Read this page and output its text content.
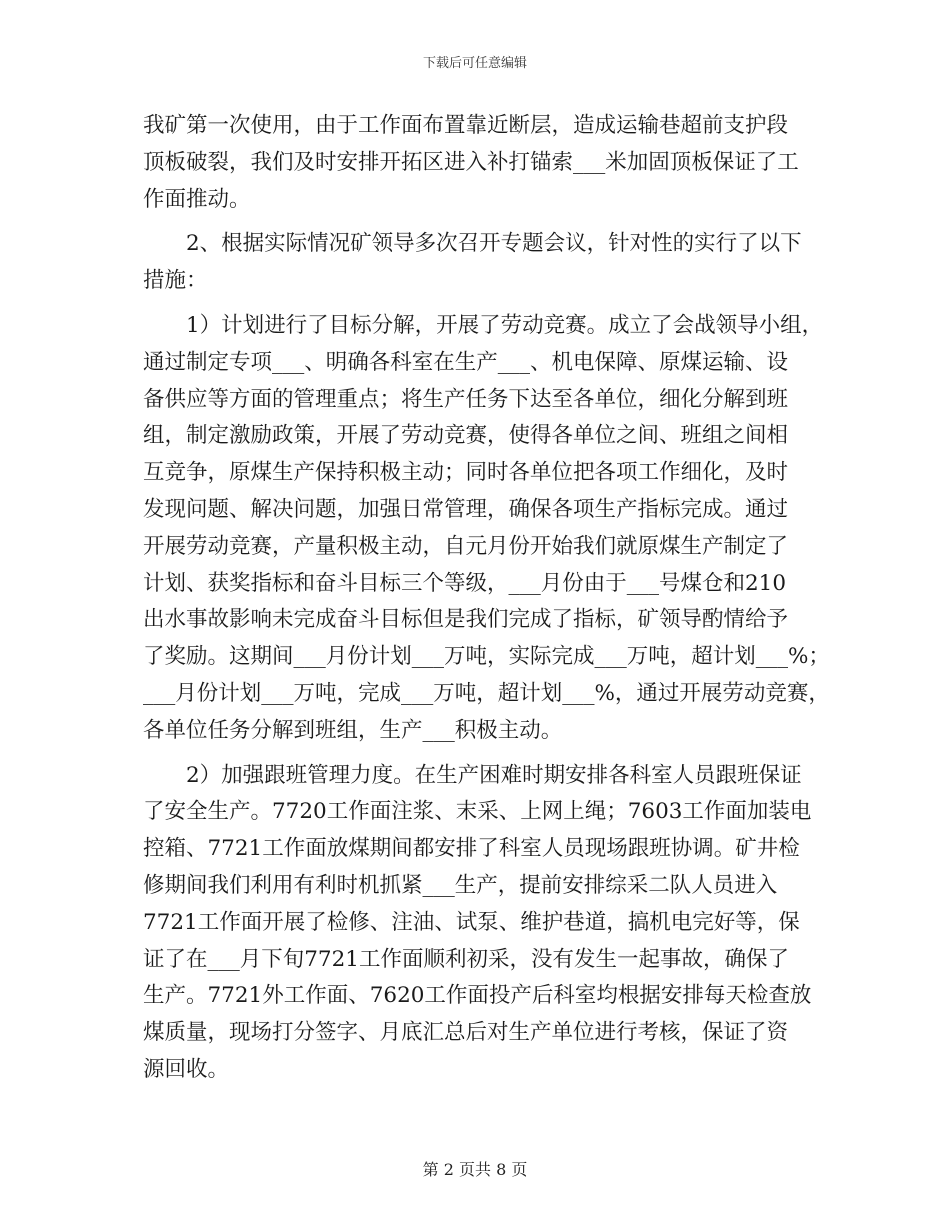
下载后可任意编辑
我矿第一次使用，由于工作面布置靠近断层，造成运输巷超前支护段
顶板破裂，我们及时安排开拓区进入补打锚索___米加固顶板保证了工
作面推动。
　　2、根据实际情况矿领导多次召开专题会议，针对性的实行了以下
措施：
　　1）计划进行了目标分解，开展了劳动竞赛。成立了会战领导小组，
通过制定专项___、明确各科室在生产___、机电保障、原煤运输、设
备供应等方面的管理重点；将生产任务下达至各单位，细化分解到班
组，制定激励政策，开展了劳动竞赛，使得各单位之间、班组之间相
互竞争，原煤生产保持积极主动；同时各单位把各项工作细化，及时
发现问题、解决问题，加强日常管理，确保各项生产指标完成。通过
开展劳动竞赛，产量积极主动，自元月份开始我们就原煤生产制定了
计划、获奖指标和奋斗目标三个等级，___月份由于___号煤仓和210
出水事故影响未完成奋斗目标但是我们完成了指标，矿领导酌情给予
了奖励。这期间___月份计划___万吨，实际完成___万吨，超计划___%；
___月份计划___万吨，完成___万吨，超计划___%，通过开展劳动竞赛，
各单位任务分解到班组，生产___积极主动。
　　2）加强跟班管理力度。在生产困难时期安排各科室人员跟班保证
了安全生产。7720工作面注浆、末采、上网上绳；7603工作面加装电
控箱、7721工作面放煤期间都安排了科室人员现场跟班协调。矿井检
修期间我们利用有利时机抓紧___生产，提前安排综采二队人员进入
7721工作面开展了检修、注油、试泵、维护巷道，搞机电完好等，保
证了在___月下旬7721工作面顺利初采，没有发生一起事故，确保了
生产。7721外工作面、7620工作面投产后科室均根据安排每天检查放
煤质量，现场打分签字、月底汇总后对生产单位进行考核，保证了资
源回收。
第 2 页共 8 页
